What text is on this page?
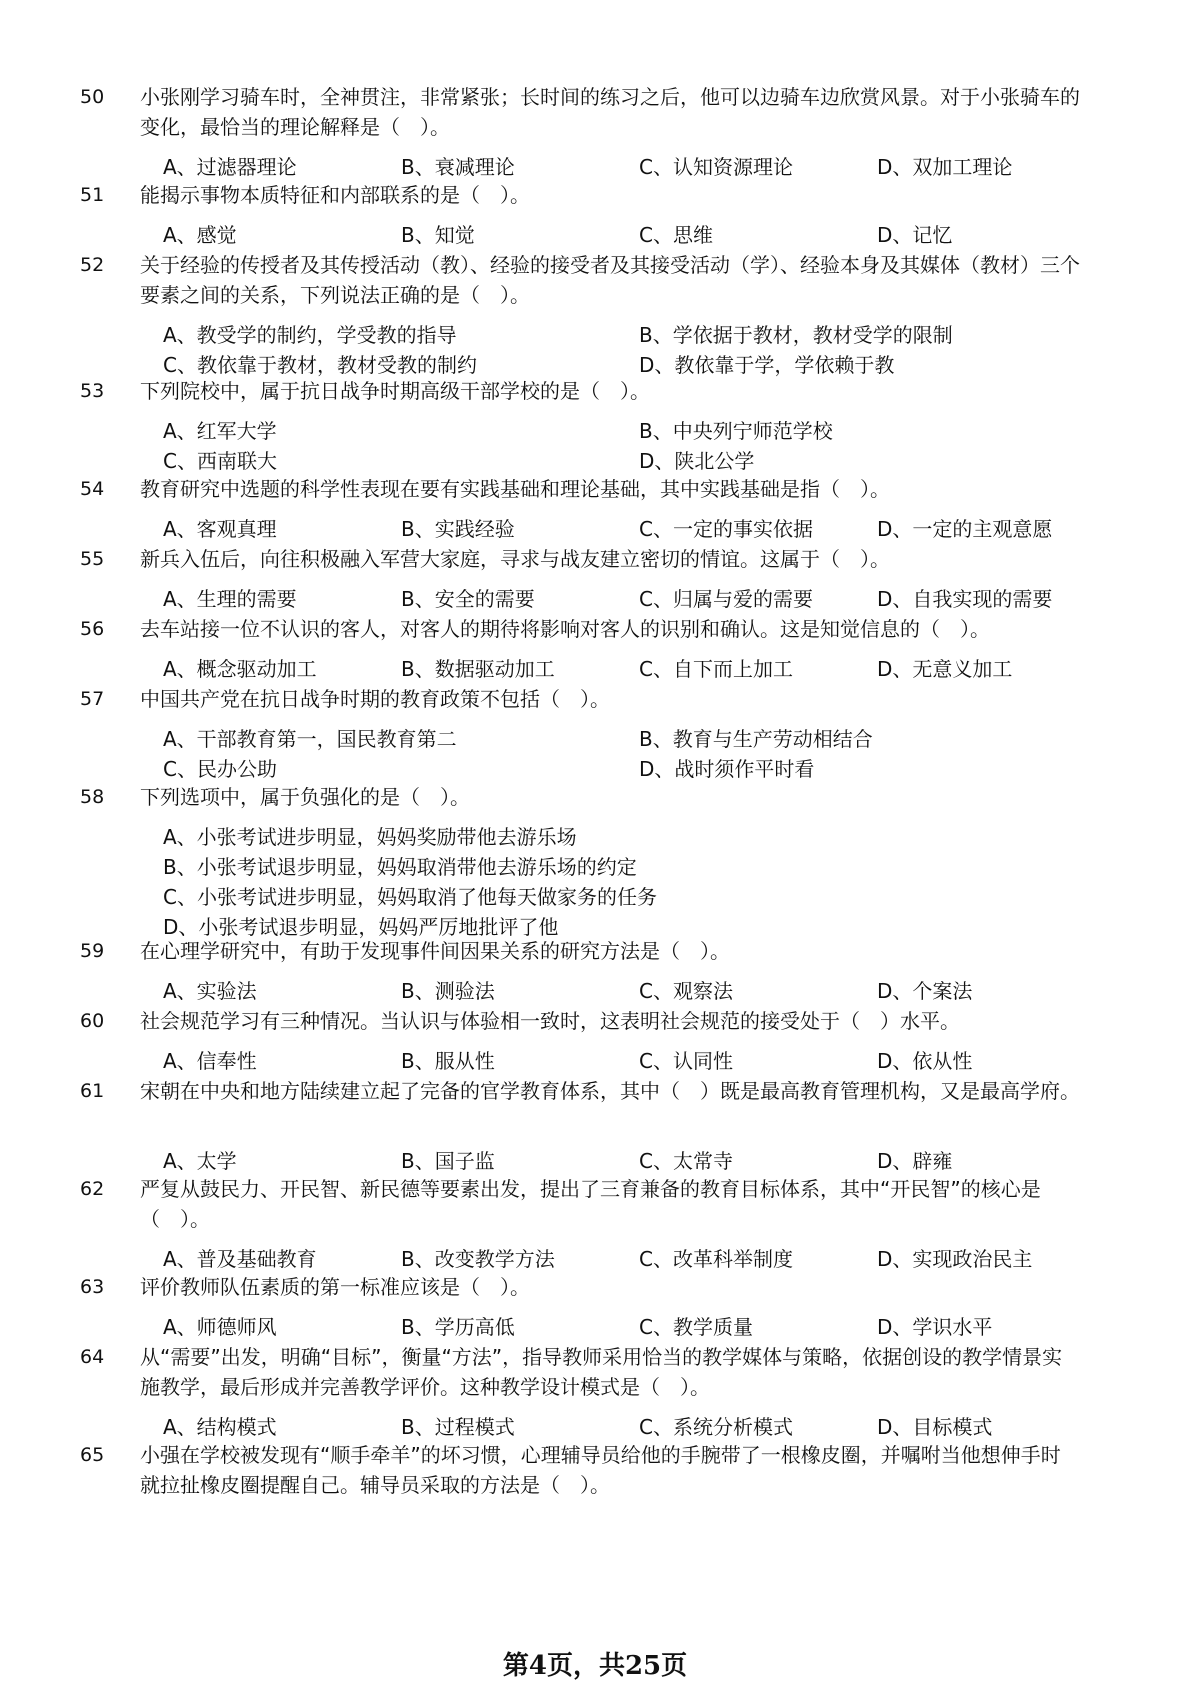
50	小张刚学习骑车时，全神贯注，非常紧张；长时间的练习之后，他可以边骑车边欣赏风景。对于小张骑车的变化，最恰当的理论解释是（　）。
A、过滤器理论	B、衰减理论	C、认知资源理论	D、双加工理论
51	能揭示事物本质特征和内部联系的是（　）。
A、感觉	B、知觉	C、思维	D、记忆
52	关于经验的传授者及其传授活动（教）、经验的接受者及其接受活动（学）、经验本身及其媒体（教材）三个要素之间的关系，下列说法正确的是（　）。
A、教受学的制约，学受教的指导	B、学依据于教材，教材受学的限制
C、教依靠于教材，教材受教的制约	D、教依靠于学，学依赖于教
53	下列院校中，属于抗日战争时期高级干部学校的是（　）。
A、红军大学	B、中央列宁师范学校
C、西南联大	D、陕北公学
54	教育研究中选题的科学性表现在要有实践基础和理论基础，其中实践基础是指（　）。
A、客观真理	B、实践经验	C、一定的事实依据	D、一定的主观意愿
55	新兵入伍后，向往积极融入军营大家庭，寻求与战友建立密切的情谊。这属于（　）。
A、生理的需要	B、安全的需要	C、归属与爱的需要	D、自我实现的需要
56	去车站接一位不认识的客人，对客人的期待将影响对客人的识别和确认。这是知觉信息的（　）。
A、概念驱动加工	B、数据驱动加工	C、自下而上加工	D、无意义加工
57	中国共产党在抗日战争时期的教育政策不包括（　）。
A、干部教育第一，国民教育第二	B、教育与生产劳动相结合
C、民办公助	D、战时须作平时看
58	下列选项中，属于负强化的是（　）。
A、小张考试进步明显，妈妈奖励带他去游乐场
B、小张考试退步明显，妈妈取消带他去游乐场的约定
C、小张考试进步明显，妈妈取消了他每天做家务的任务
D、小张考试退步明显，妈妈严厉地批评了他
59	在心理学研究中，有助于发现事件间因果关系的研究方法是（　）。
A、实验法	B、测验法	C、观察法	D、个案法
60	社会规范学习有三种情况。当认识与体验相一致时，这表明社会规范的接受处于（　）水平。
A、信奉性	B、服从性	C、认同性	D、依从性
61	宋朝在中央和地方陆续建立起了完备的官学教育体系，其中（　）既是最高教育管理机构，又是最高学府。
A、太学	B、国子监	C、太常寺	D、辟雍
62	严复从鼓民力、开民智、新民德等要素出发，提出了三育兼备的教育目标体系，其中“开民智”的核心是（　）。
A、普及基础教育	B、改变教学方法	C、改革科举制度	D、实现政治民主
63	评价教师队伍素质的第一标准应该是（　）。
A、师德师风	B、学历高低	C、教学质量	D、学识水平
64	从“需要”出发，明确“目标”，衡量“方法”，指导教师采用恰当的教学媒体与策略，依据创设的教学情景实施教学，最后形成并完善教学评价。这种教学设计模式是（　）。
A、结构模式	B、过程模式	C、系统分析模式	D、目标模式
65	小强在学校被发现有“顺手牵羊”的坏习惯，心理辅导员给他的手腕带了一根橡皮圈，并嘱咐当他想伸手时就拉扯橡皮圈提醒自己。辅导员采取的方法是（　）。
第4页，共25页
